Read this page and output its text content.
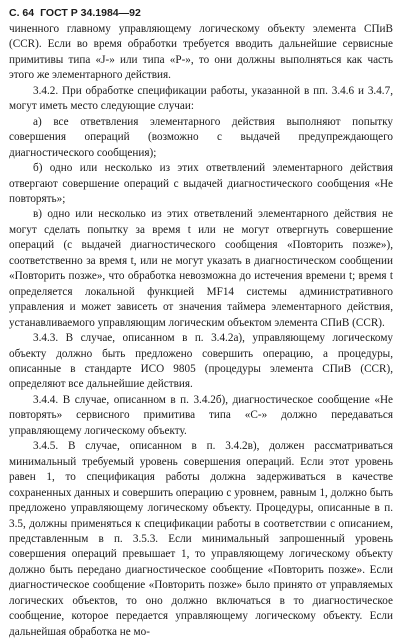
С. 64 ГОСТ Р 34.1984—92

чиненного главному управляющему логическому объекту элемента СПиВ (CCR). Если во время обработки требуется вводить дальнейшие сервисные примитивы типа «J-» или типа «Р-», то они должны выполняться как часть этого же элементарного действия.

3.4.2. При обработке спецификации работы, указанной в пп. 3.4.6 и 3.4.7, могут иметь место следующие случаи:

а) все ответвления элементарного действия выполняют попытку совершения операций (возможно с выдачей предупреждающего диагностического сообщения);

б) одно или несколько из этих ответвлений элементарного действия отвергают совершение операций с выдачей диагностического сообщения «Не повторять»;

в) одно или несколько из этих ответвлений элементарного действия не могут сделать попытку за время t или не могут отвергнуть совершение операций (с выдачей диагностического сообщения «Повторить позже»), соответственно за время t, или не могут указать в диагностическом сообщении «Повторить позже», что обработка невозможна до истечения времени t; время t определяется локальной функцией МF14 системы административного управления и может зависеть от значения таймера элементарного действия, устанавливаемого управляющим логическим объектом элемента СПиВ (CCR).

3.4.3. В случае, описанном в п. 3.4.2а), управляющему логическому объекту должно быть предложено совершить операцию, а процедуры, описанные в стандарте ИСО 9805 (процедуры элемента СПиВ (CCR), определяют все дальнейшие действия.

3.4.4. В случае, описанном в п. 3.4.2б), диагностическое сообщение «Не повторять» сервисного примитива типа «С-» должно передаваться управляющему логическому объекту.

3.4.5. В случае, описанном в п. 3.4.2в), должен рассматриваться минимальный требуемый уровень совершения операций. Если этот уровень равен 1, то спецификация работы должна задерживаться в качестве сохраненных данных и совершить операцию с уровнем, равным 1, должно быть предложено управляющему логическому объекту. Процедуры, описанные в п. 3.5, должны применяться к спецификации работы в соответствии с описанием, представленным в п. 3.5.3. Если минимальный запрошенный уровень совершения операций превышает 1, то управляющему логическому объекту должно быть передано диагностическое сообщение «Повторить позже». Если диагностическое сообщение «Повторить позже» было принято от управляемых логических объектов, то оно должно включаться в то диагностическое сообщение, которое передается управляющему логическому объекту. Если дальнейшая обработка не мо-
